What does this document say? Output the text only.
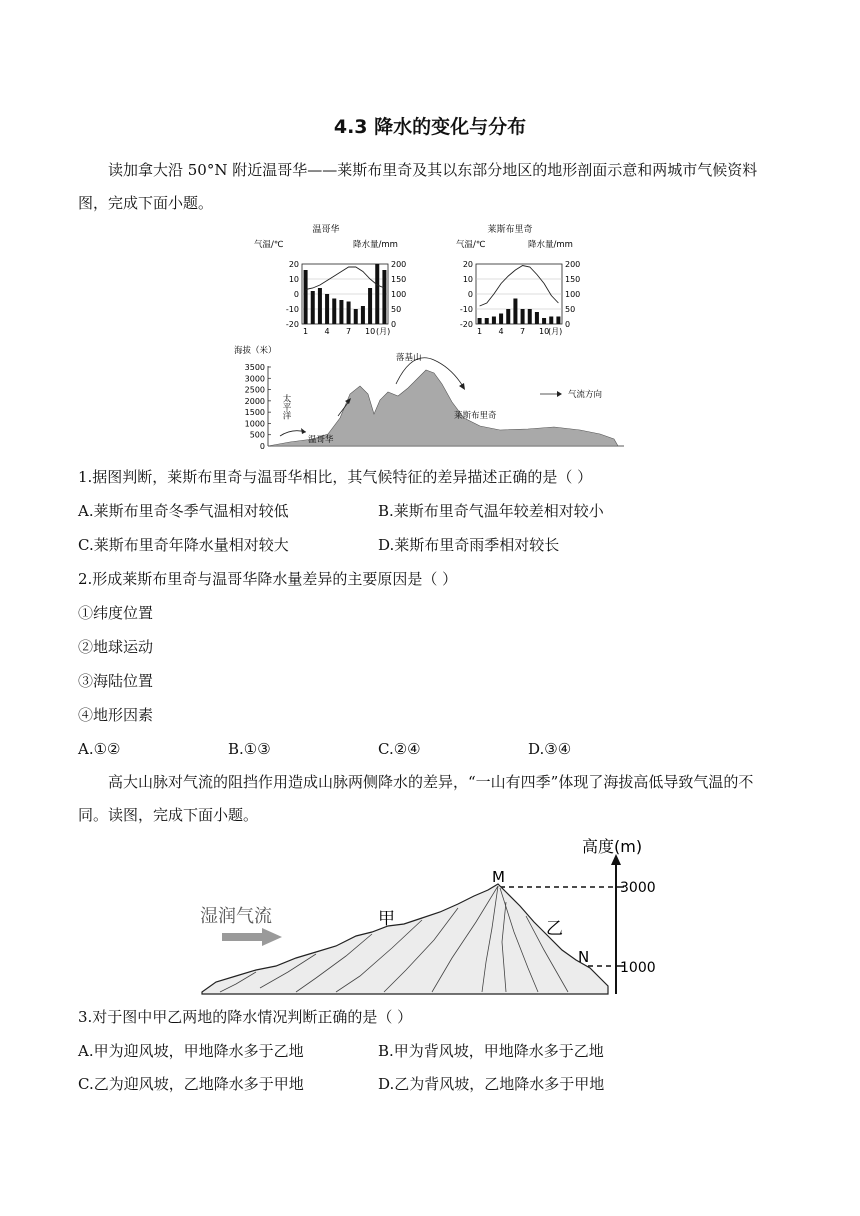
4.3 降水的变化与分布
读加拿大沿 50°N 附近温哥华——莱斯布里奇及其以东部分地区的地形剖面示意和两城市气候资料图，完成下面小题。
温哥华
气温/℃	降水量/mm
20
10
0
-10
-20
200
150
100
50
0
1 4 7 10 (月)
莱斯布里奇
气温/℃	降水量/mm
20
10
0
-10
-20
200
150
100
50
0
1 4 7 10
(月)
海拔（米）
3500
3000
2500
2000
1500
1000
500
0
太平洋
温哥华
落基山
莱斯布里奇
气流方向
1.据图判断，莱斯布里奇与温哥华相比，其气候特征的差异描述正确的是（ ）
A.莱斯布里奇冬季气温相对较低	B.莱斯布里奇气温年较差相对较小
C.莱斯布里奇年降水量相对较大	D.莱斯布里奇雨季相对较长
2.形成莱斯布里奇与温哥华降水量差异的主要原因是（ ）
①纬度位置
②地球运动
③海陆位置
④地形因素
A.①②	B.①③	C.②④	D.③④
高大山脉对气流的阻挡作用造成山脉两侧降水的差异，“一山有四季”体现了海拔高低导致气温的不同。读图，完成下面小题。
高度(m)
3000
1000
M
N
甲	乙
湿润气流
3.对于图中甲乙两地的降水情况判断正确的是（ ）
A.甲为迎风坡，甲地降水多于乙地	B.甲为背风坡，甲地降水多于乙地
C.乙为迎风坡，乙地降水多于甲地	D.乙为背风坡，乙地降水多于甲地
